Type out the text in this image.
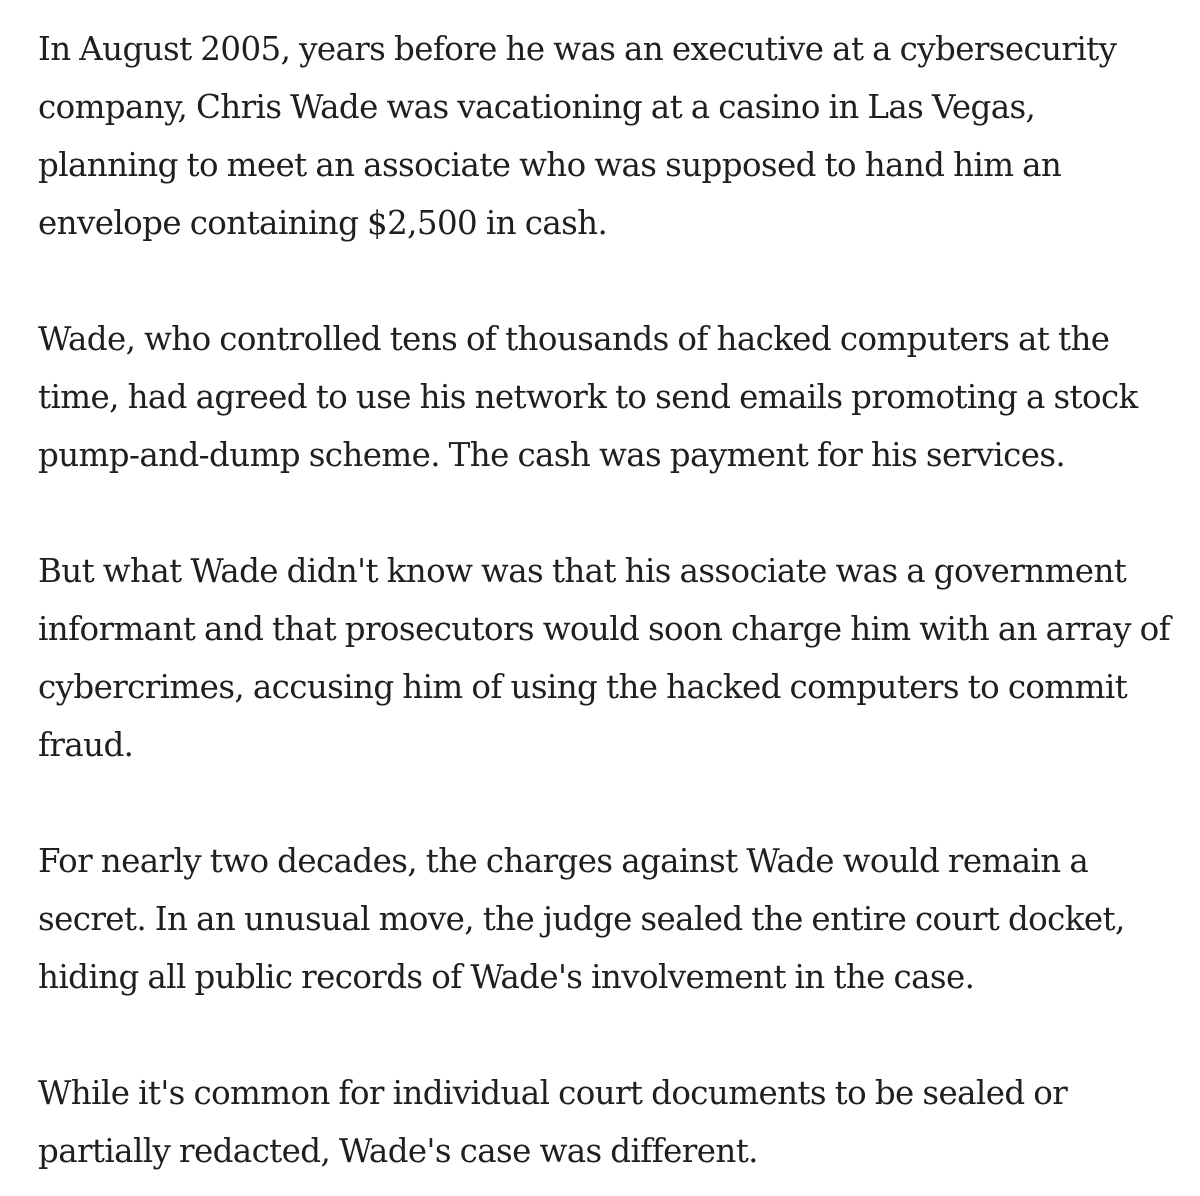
In August 2005, years before he was an executive at a cybersecurity company, Chris Wade was vacationing at a casino in Las Vegas, planning to meet an associate who was supposed to hand him an envelope containing $2,500 in cash.

Wade, who controlled tens of thousands of hacked computers at the time, had agreed to use his network to send emails promoting a stock pump-and-dump scheme. The cash was payment for his services.

But what Wade didn't know was that his associate was a government informant and that prosecutors would soon charge him with an array of cybercrimes, accusing him of using the hacked computers to commit fraud.

For nearly two decades, the charges against Wade would remain a secret. In an unusual move, the judge sealed the entire court docket, hiding all public records of Wade's involvement in the case.

While it's common for individual court documents to be sealed or partially redacted, Wade's case was different.
